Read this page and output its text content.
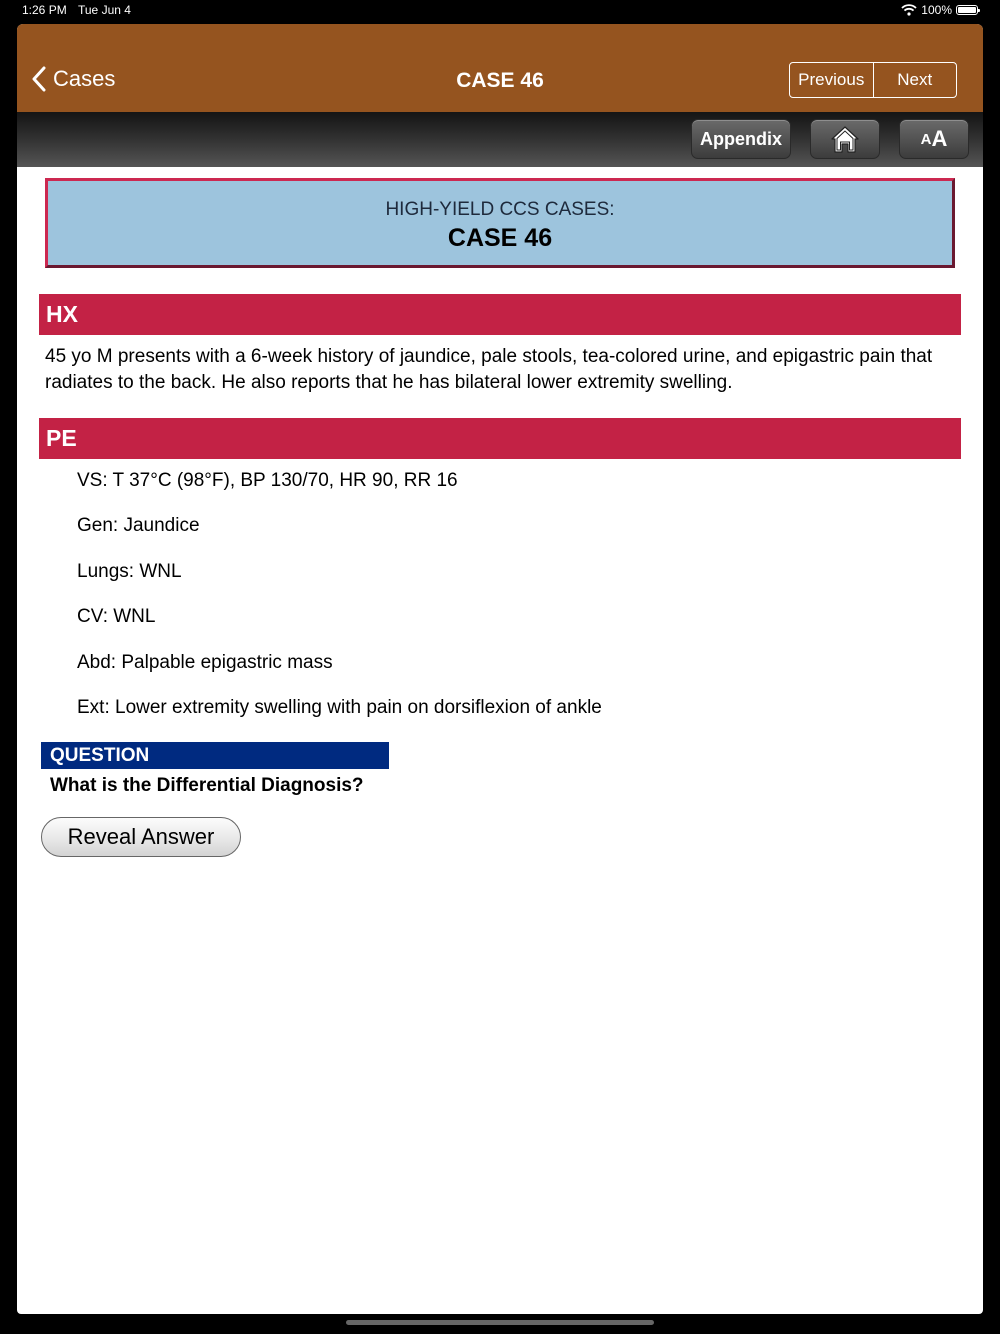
1:26 PM Tue Jun 4	100%
Cases	CASE 46	Previous	Next
Appendix	A A
HIGH-YIELD CCS CASES:
CASE 46
HX
45 yo M presents with a 6-week history of jaundice, pale stools, tea-colored urine, and epigastric pain that radiates to the back. He also reports that he has bilateral lower extremity swelling.
PE
VS: T 37°C (98°F), BP 130/70, HR 90, RR 16
Gen: Jaundice
Lungs: WNL
CV: WNL
Abd: Palpable epigastric mass
Ext: Lower extremity swelling with pain on dorsiflexion of ankle
QUESTION
What is the Differential Diagnosis?
Reveal Answer
